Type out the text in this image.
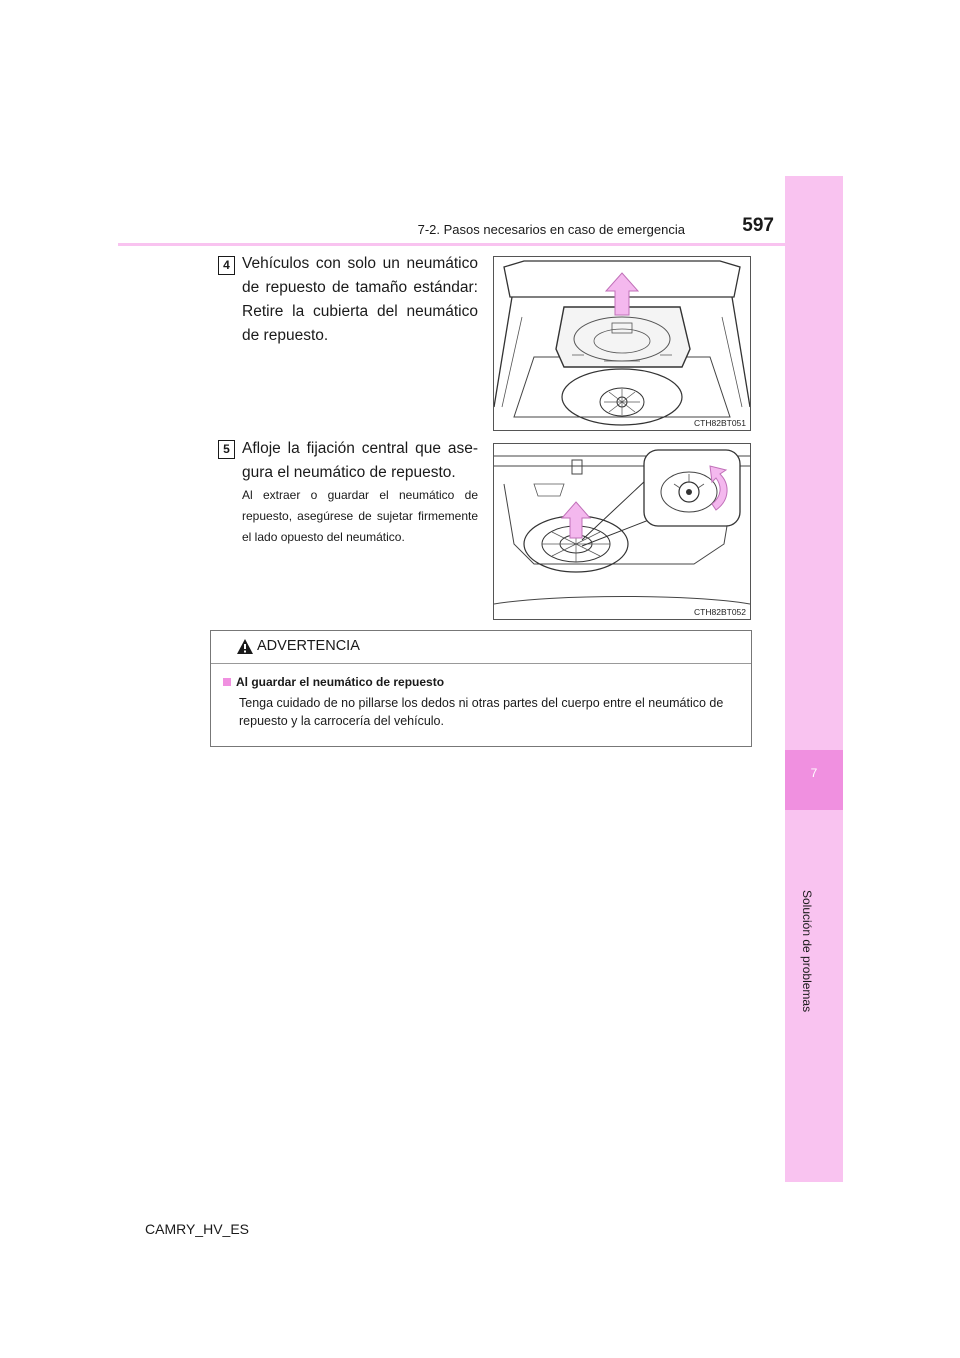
7
Solución de problemas
7-2. Pasos necesarios en caso de emergencia	597
4 Vehículos con solo un neumático de repuesto de tamaño estándar: Retire la cubierta del neumático de repuesto.
CTH82BT051
5 Afloje la fijación central que asegura el neumático de repuesto.
Al extraer o guardar el neumático de repuesto, asegúrese de sujetar firmemente el lado opuesto del neumático.
CTH82BT052
ADVERTENCIA
Al guardar el neumático de repuesto
Tenga cuidado de no pillarse los dedos ni otras partes del cuerpo entre el neumático de repuesto y la carrocería del vehículo.
CAMRY_HV_ES
